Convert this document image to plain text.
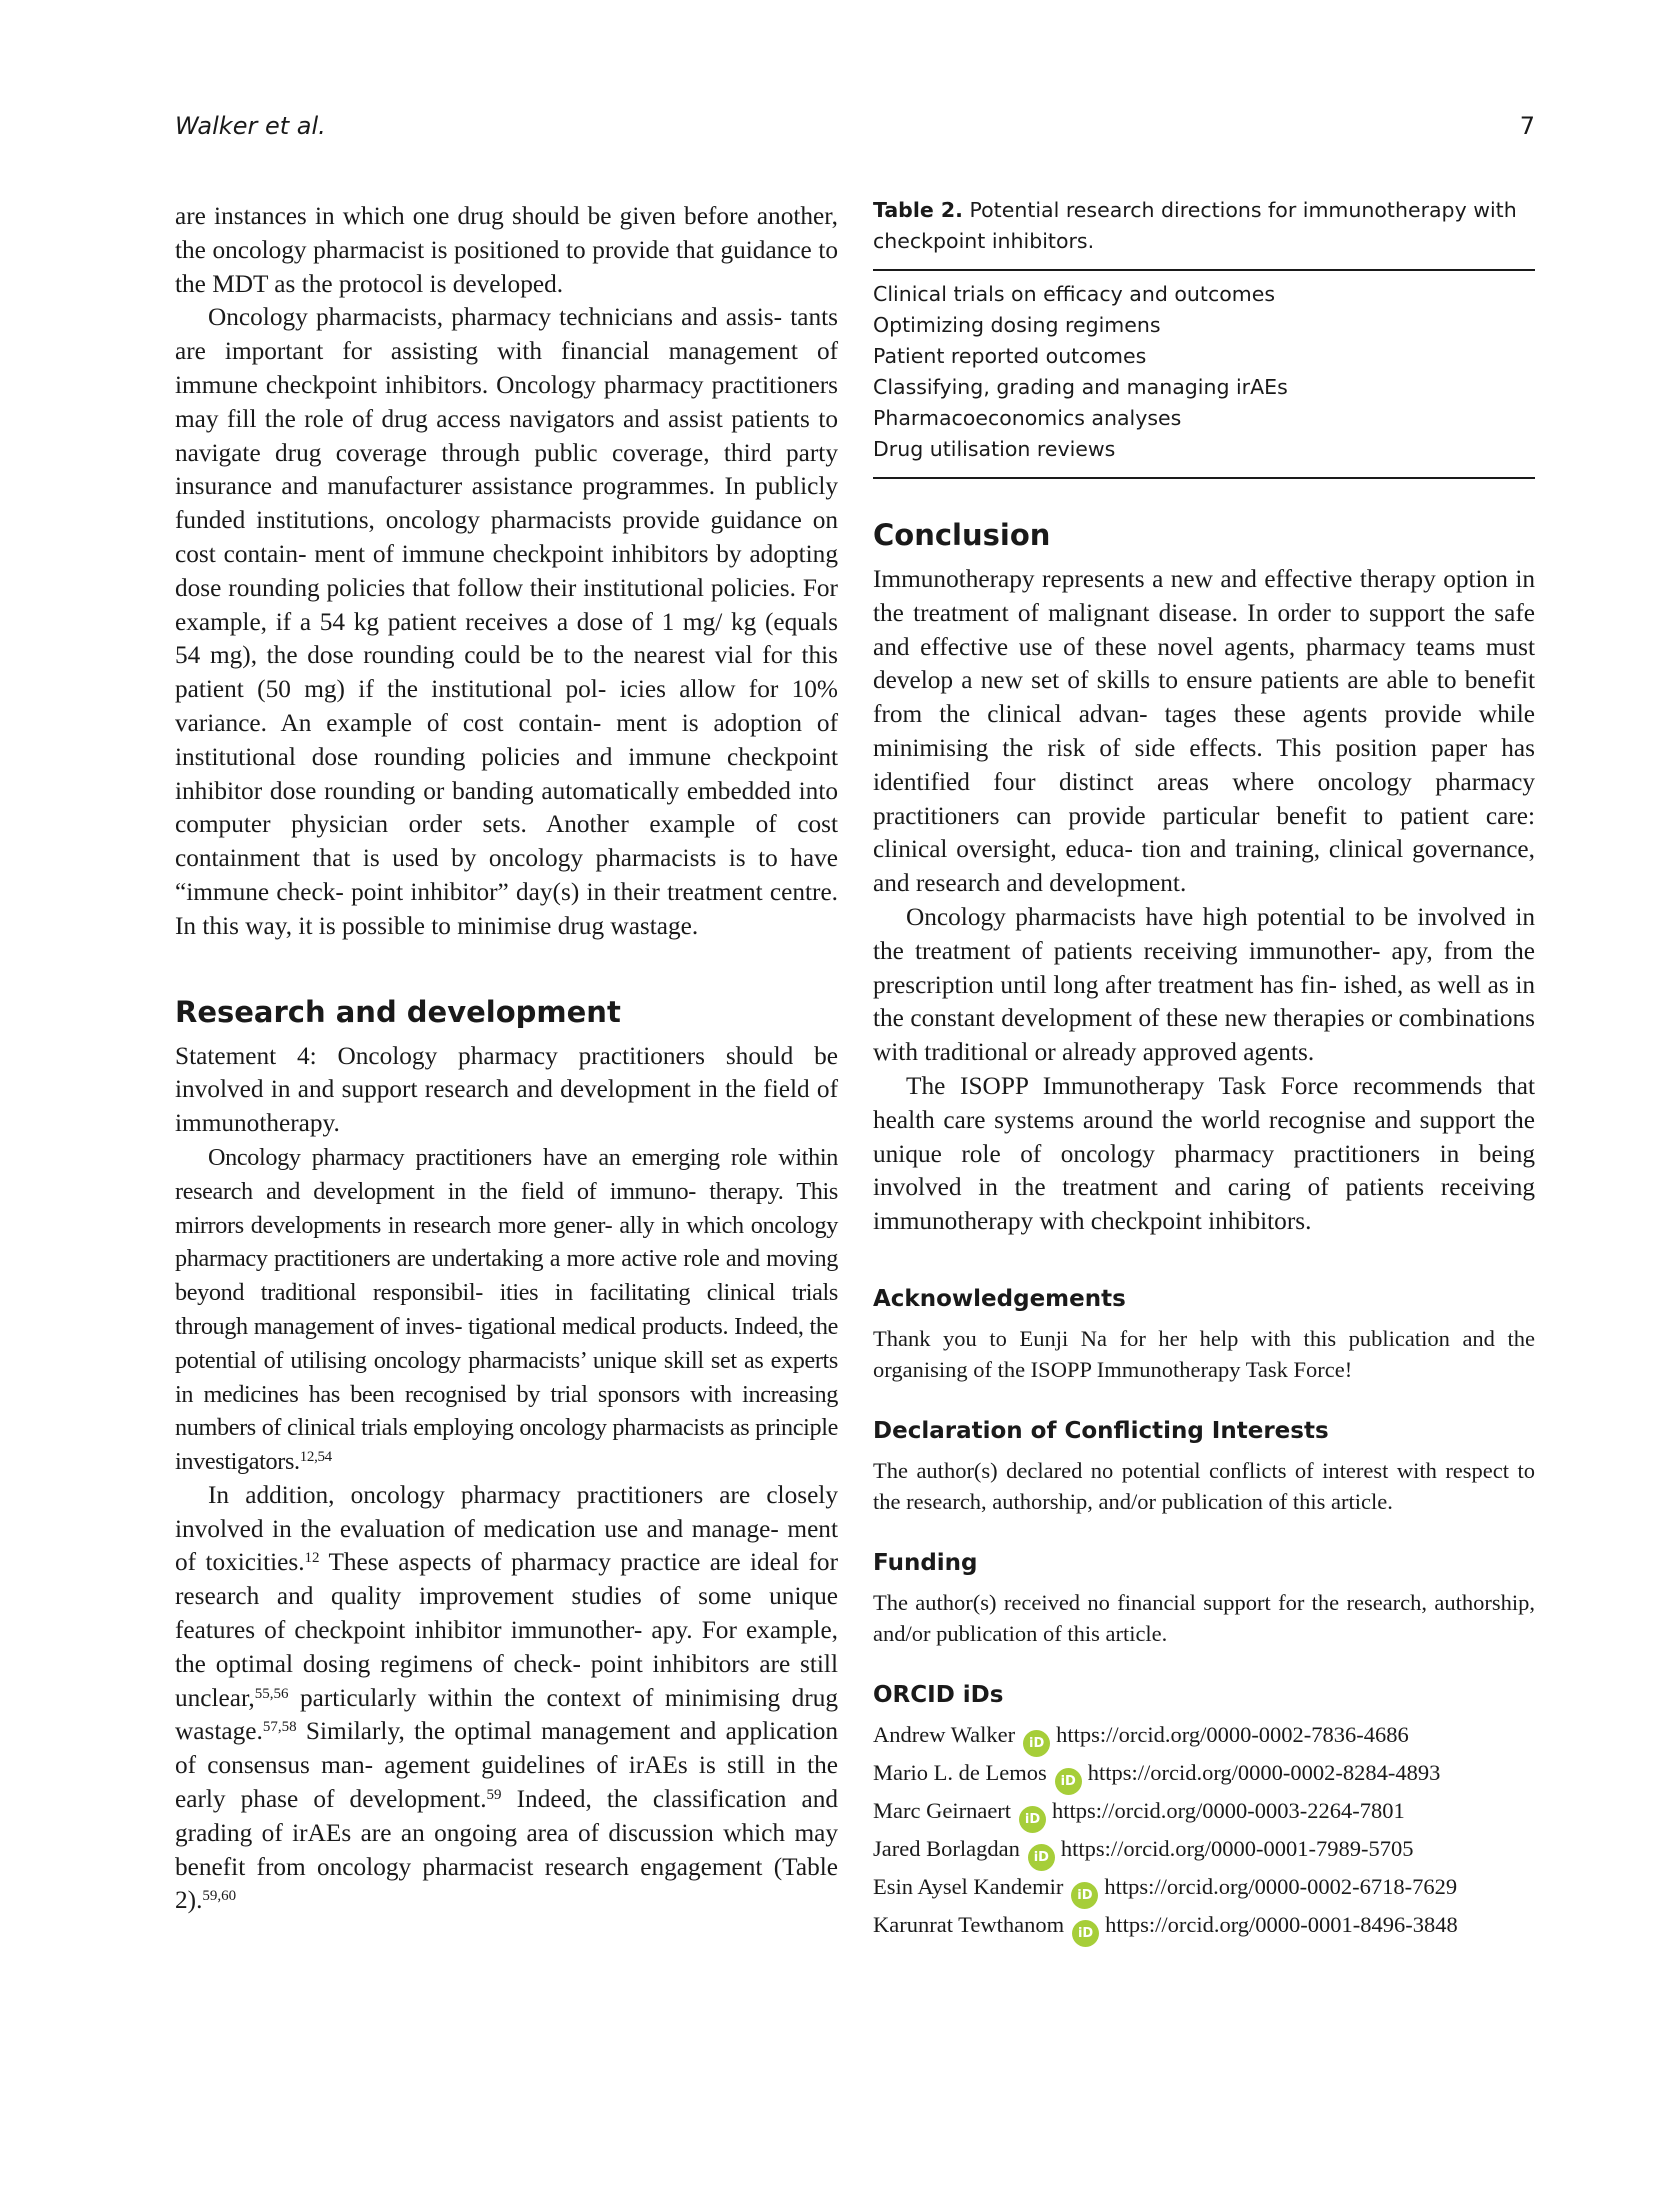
Walker et al.	7

are instances in which one drug should be given before another, the oncology pharmacist is positioned to provide that guidance to the MDT as the protocol is developed.

Oncology pharmacists, pharmacy technicians and assis- tants are important for assisting with financial management of immune checkpoint inhibitors. Oncology pharmacy practitioners may fill the role of drug access navigators and assist patients to navigate drug coverage through public coverage, third party insurance and manufacturer assistance programmes. In publicly funded institutions, oncology pharmacists provide guidance on cost contain- ment of immune checkpoint inhibitors by adopting dose rounding policies that follow their institutional policies. For example, if a 54 kg patient receives a dose of 1 mg/ kg (equals 54 mg), the dose rounding could be to the nearest vial for this patient (50 mg) if the institutional pol- icies allow for 10% variance. An example of cost contain- ment is adoption of institutional dose rounding policies and immune checkpoint inhibitor dose rounding or banding automatically embedded into computer physician order sets. Another example of cost containment that is used by oncology pharmacists is to have “immune check- point inhibitor” day(s) in their treatment centre. In this way, it is possible to minimise drug wastage.

Research and development

Statement 4: Oncology pharmacy practitioners should be involved in and support research and development in the field of immunotherapy.

Oncology pharmacy practitioners have an emerging role within research and development in the field of immuno- therapy. This mirrors developments in research more gener- ally in which oncology pharmacy practitioners are undertaking a more active role and moving beyond traditional responsibil- ities in facilitating clinical trials through management of inves- tigational medical products. Indeed, the potential of utilising oncology pharmacists’ unique skill set as experts in medicines has been recognised by trial sponsors with increasing numbers of clinical trials employing oncology pharmacists as principle investigators.$^{12,54}$

In addition, oncology pharmacy practitioners are closely involved in the evaluation of medication use and manage- ment of toxicities.$^{12}$ These aspects of pharmacy practice are ideal for research and quality improvement studies of some unique features of checkpoint inhibitor immunother- apy. For example, the optimal dosing regimens of check- point inhibitors are still unclear,$^{55,56}$ particularly within the context of minimising drug wastage.$^{57,58}$ Similarly, the optimal management and application of consensus man- agement guidelines of irAEs is still in the early phase of development.$^{59}$ Indeed, the classification and grading of irAEs are an ongoing area of discussion which may benefit from oncology pharmacist research engagement (Table 2).$^{59,60}$

Table 2. Potential research directions for immunotherapy with checkpoint inhibitors.

Clinical trials on efficacy and outcomes
Optimizing dosing regimens
Patient reported outcomes
Classifying, grading and managing irAEs
Pharmacoeconomics analyses
Drug utilisation reviews
Conclusion

Immunotherapy represents a new and effective therapy option in the treatment of malignant disease. In order to support the safe and effective use of these novel agents, pharmacy teams must develop a new set of skills to ensure patients are able to benefit from the clinical advan- tages these agents provide while minimising the risk of side effects. This position paper has identified four distinct areas where oncology pharmacy practitioners can provide particular benefit to patient care: clinical oversight, educa- tion and training, clinical governance, and research and development.

Oncology pharmacists have high potential to be involved in the treatment of patients receiving immunother- apy, from the prescription until long after treatment has fin- ished, as well as in the constant development of these new therapies or combinations with traditional or already approved agents.

The ISOPP Immunotherapy Task Force recommends that health care systems around the world recognise and support the unique role of oncology pharmacy practitioners in being involved in the treatment and caring of patients receiving immunotherapy with checkpoint inhibitors.

Acknowledgements

Thank you to Eunji Na for her help with this publication and the organising of the ISOPP Immunotherapy Task Force!

Declaration of Conflicting Interests

The author(s) declared no potential conflicts of interest with respect to the research, authorship, and/or publication of this article.

Funding

The author(s) received no financial support for the research, authorship, and/or publication of this article.

ORCID iDs
Andrew Walker iD https://orcid.org/0000-0002-7836-4686
Mario L. de Lemos iD https://orcid.org/0000-0002-8284-4893
Marc Geirnaert iD https://orcid.org/0000-0003-2264-7801
Jared Borlagdan iD https://orcid.org/0000-0001-7989-5705
Esin Aysel Kandemir iD https://orcid.org/0000-0002-6718-7629
Karunrat Tewthanom iD https://orcid.org/0000-0001-8496-3848
